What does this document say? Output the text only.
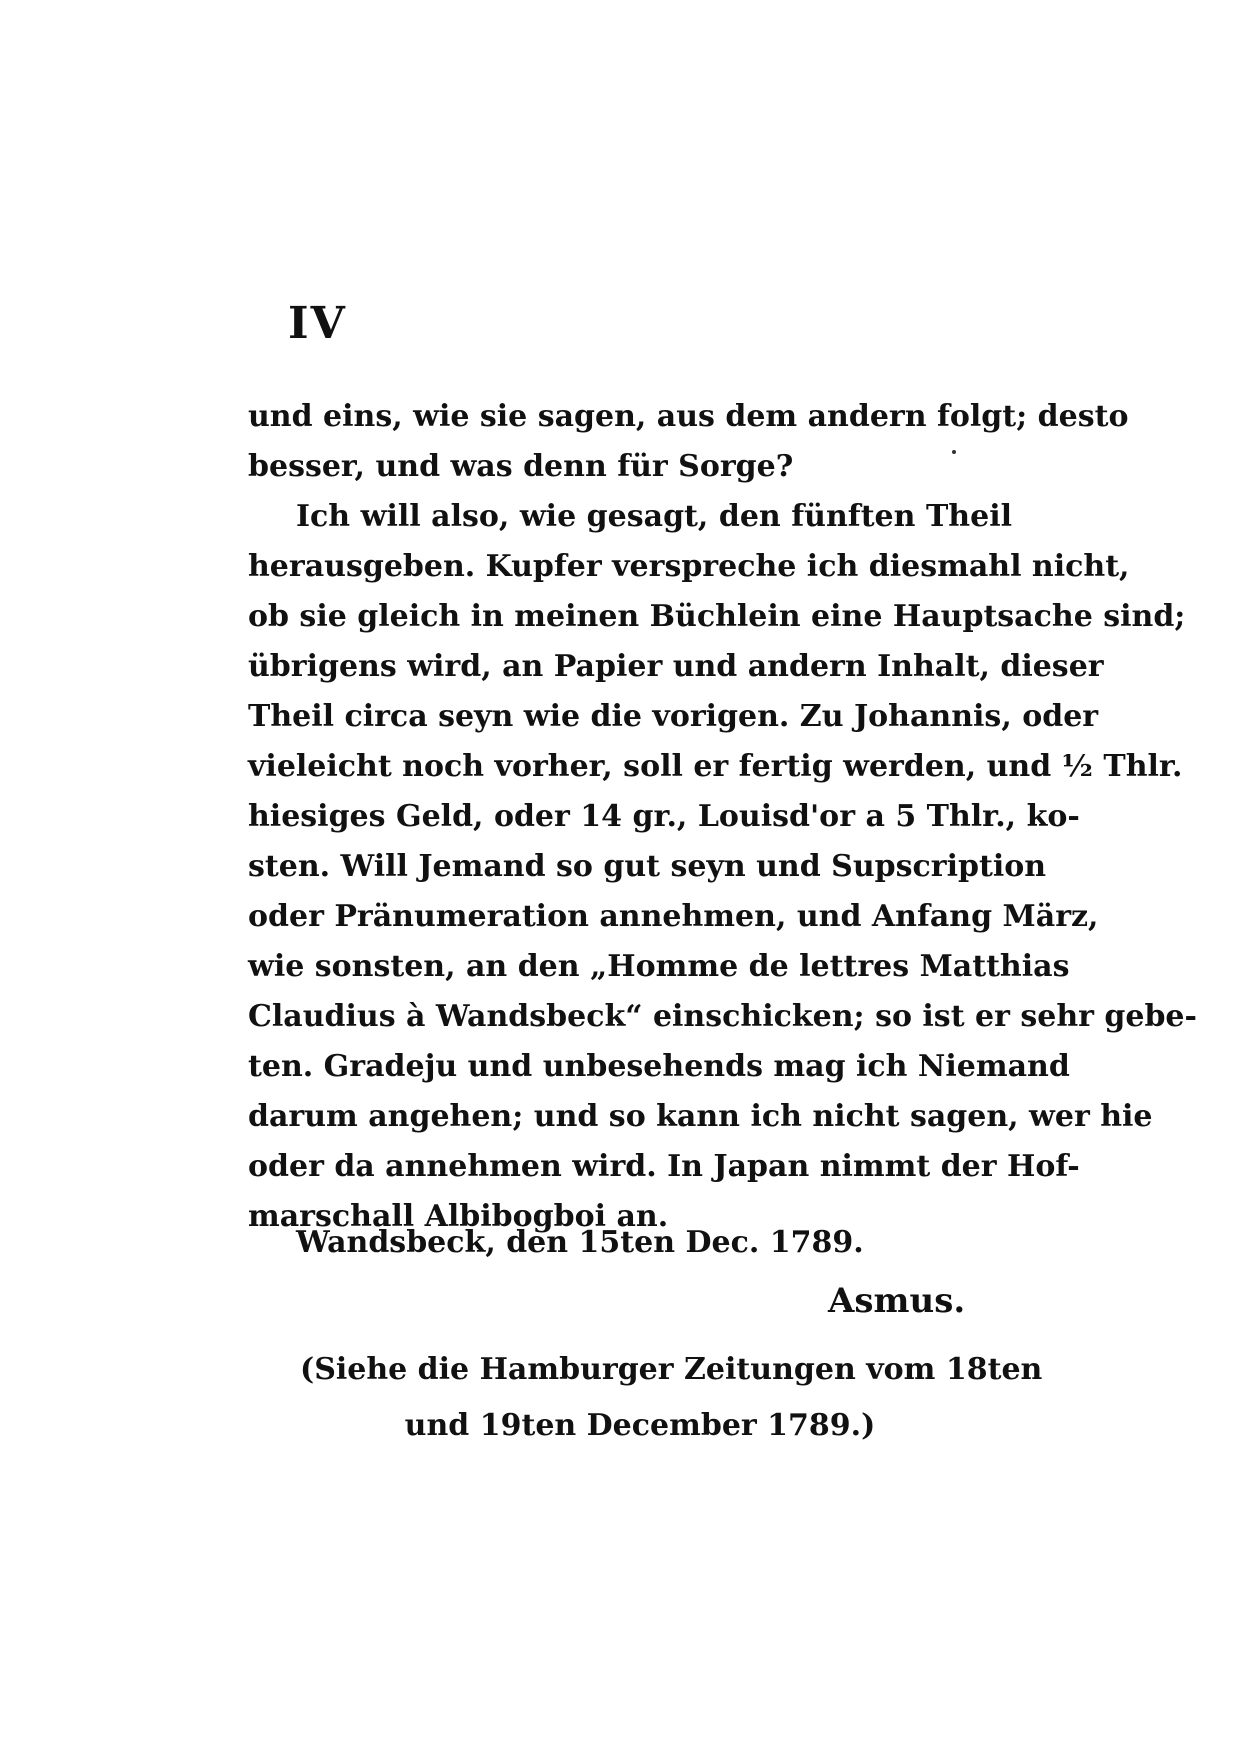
IV
und eins, wie sie sagen, aus dem andern folgt; desto
besser, und was denn für Sorge?
Ich will also, wie gesagt, den fünften Theil
herausgeben. Kupfer verspreche ich diesmahl nicht,
ob sie gleich in meinen Büchlein eine Hauptsache sind;
übrigens wird, an Papier und andern Inhalt, dieser
Theil circa seyn wie die vorigen. Zu Johannis, oder
vieleicht noch vorher, soll er fertig werden, und ½ Thlr.
hiesiges Geld, oder 14 gr., Louisd'or a 5 Thlr., ko-
sten. Will Jemand so gut seyn und Supscription
oder Pränumeration annehmen, und Anfang März,
wie sonsten, an den „Homme de lettres Matthias
Claudius à Wandsbeck“ einschicken; so ist er sehr gebe-
ten. Gradeju und unbesehends mag ich Niemand
darum angehen; und so kann ich nicht sagen, wer hie
oder da annehmen wird. In Japan nimmt der Hof-
marschall Albibogboi an.
Wandsbeck, den 15ten Dec. 1789.
Asmus.
(Siehe die Hamburger Zeitungen vom 18ten
und 19ten December 1789.)
